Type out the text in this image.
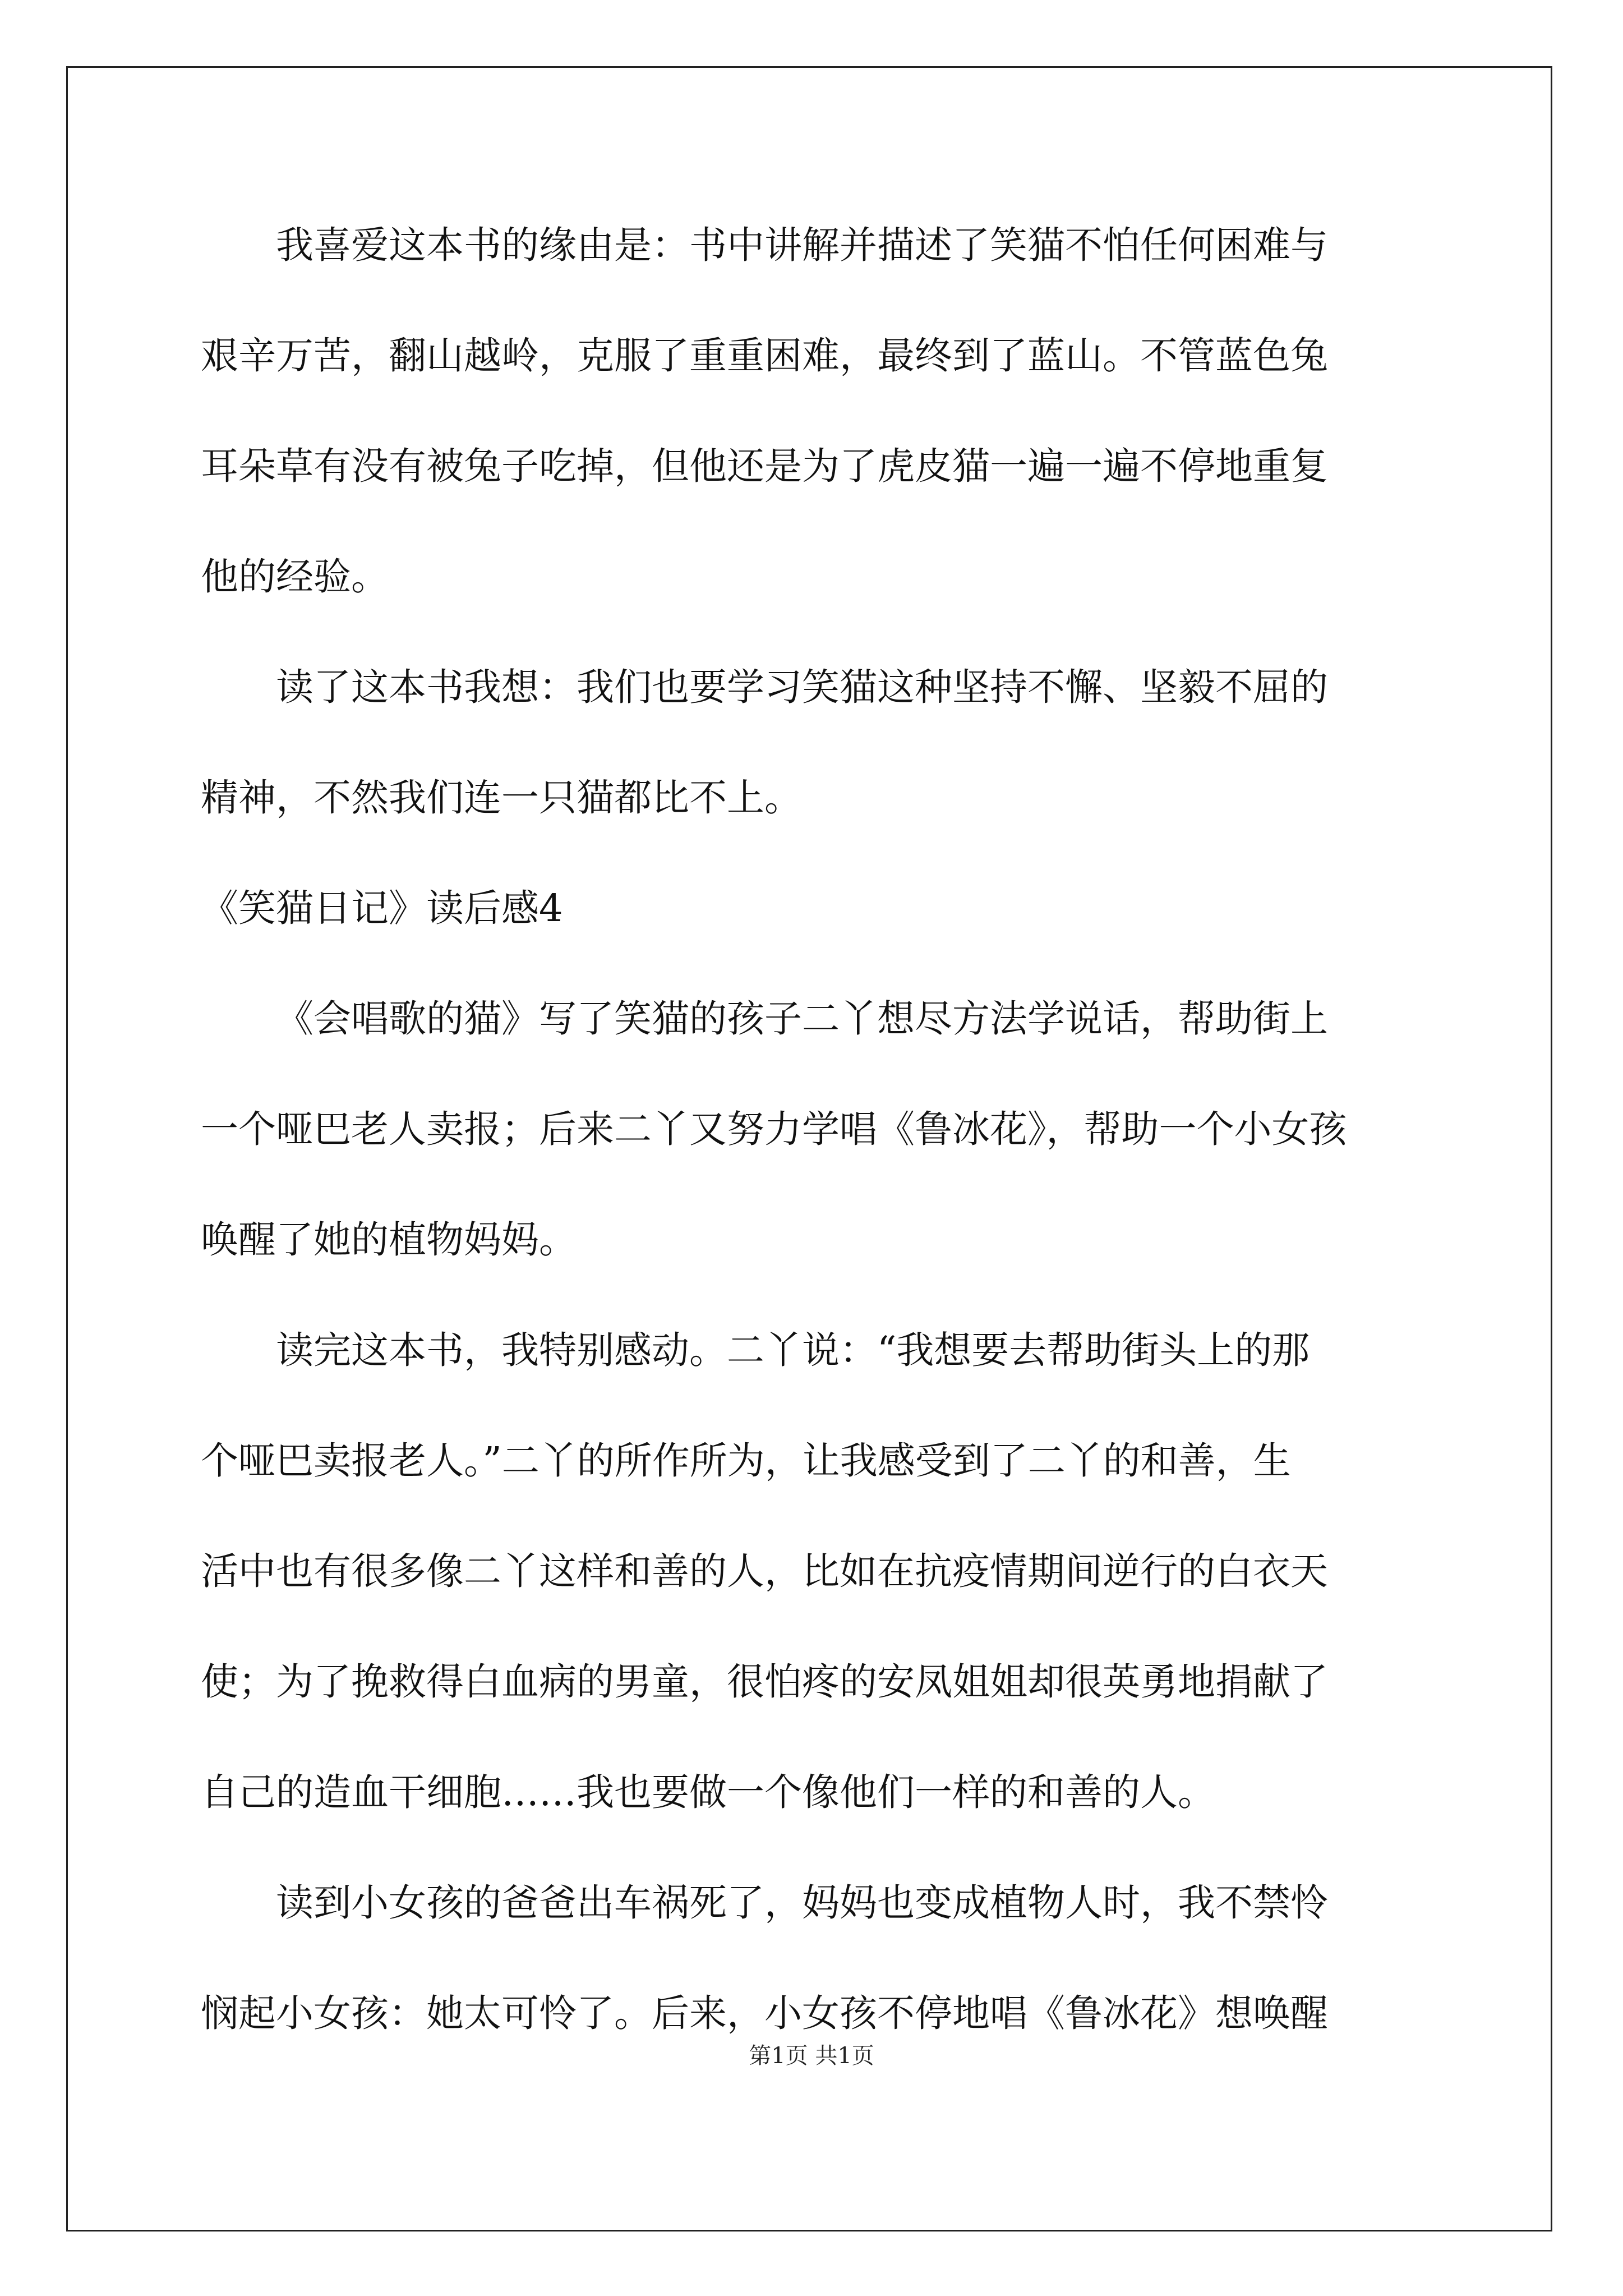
我喜爱这本书的缘由是：书中讲解并描述了笑猫不怕任何困难与
艰辛万苦，翻山越岭，克服了重重困难，最终到了蓝山。不管蓝色兔
耳朵草有没有被兔子吃掉，但他还是为了虎皮猫一遍一遍不停地重复
他的经验。
读了这本书我想：我们也要学习笑猫这种坚持不懈、坚毅不屈的
精神，不然我们连一只猫都比不上。
《笑猫日记》读后感4
《会唱歌的猫》写了笑猫的孩子二丫想尽方法学说话，帮助街上
一个哑巴老人卖报；后来二丫又努力学唱《鲁冰花》，帮助一个小女孩
唤醒了她的植物妈妈。
读完这本书，我特别感动。二丫说：“我想要去帮助街头上的那
个哑巴卖报老人。”二丫的所作所为，让我感受到了二丫的和善，生
活中也有很多像二丫这样和善的人，比如在抗疫情期间逆行的白衣天
使；为了挽救得白血病的男童，很怕疼的安凤姐姐却很英勇地捐献了
自己的造血干细胞……我也要做一个像他们一样的和善的人。
读到小女孩的爸爸出车祸死了，妈妈也变成植物人时，我不禁怜
悯起小女孩：她太可怜了。后来，小女孩不停地唱《鲁冰花》想唤醒
第1页 共1页
